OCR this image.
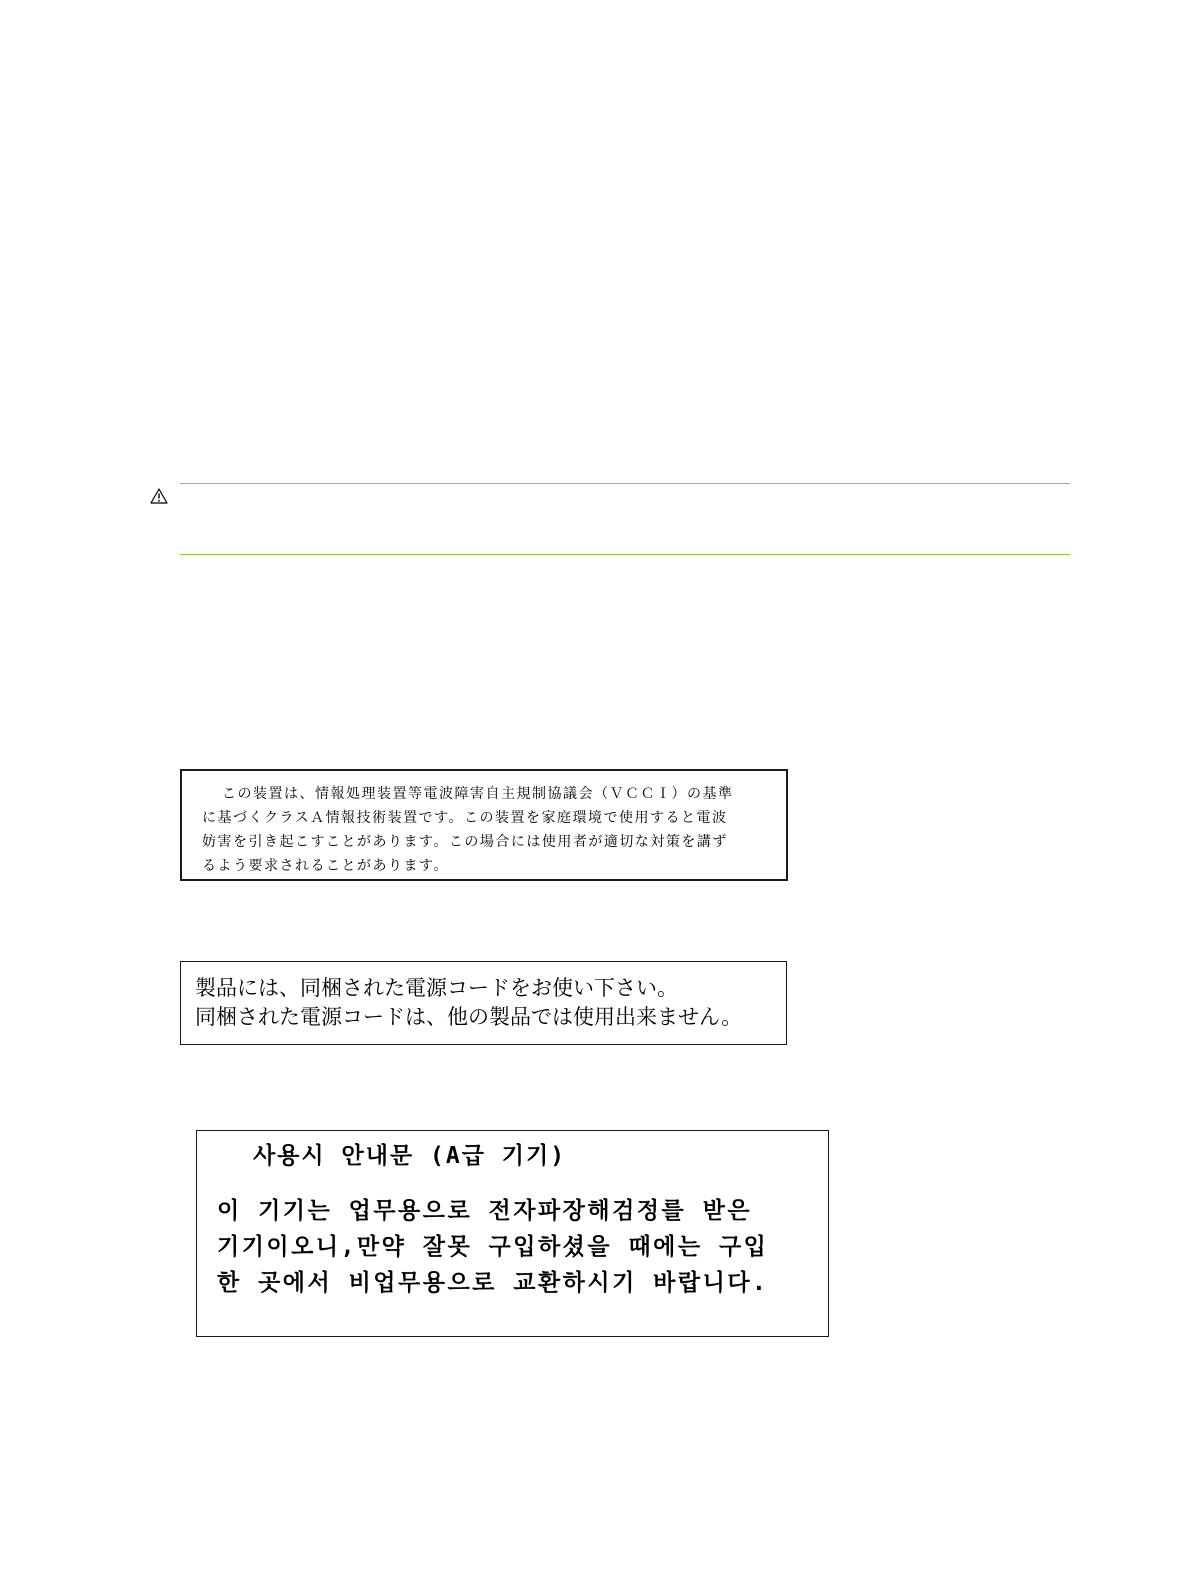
この装置は、情報処理装置等電波障害自主規制協議会（ＶＣＣＩ）の基準
に基づくクラスＡ情報技術装置です。この装置を家庭環境で使用すると電波
妨害を引き起こすことがあります。この場合には使用者が適切な対策を講ず
るよう要求されることがあります。
製品には、同梱された電源コードをお使い下さい。
同梱された電源コードは、他の製品では使用出来ません。
사용시 안내문 (A급 기기)
이 기기는 업무용으로 전자파장해검정를 받은
기기이오니,만약 잘못 구입하셨을 때에는 구입
한 곳에서 비업무용으로 교환하시기 바랍니다.
